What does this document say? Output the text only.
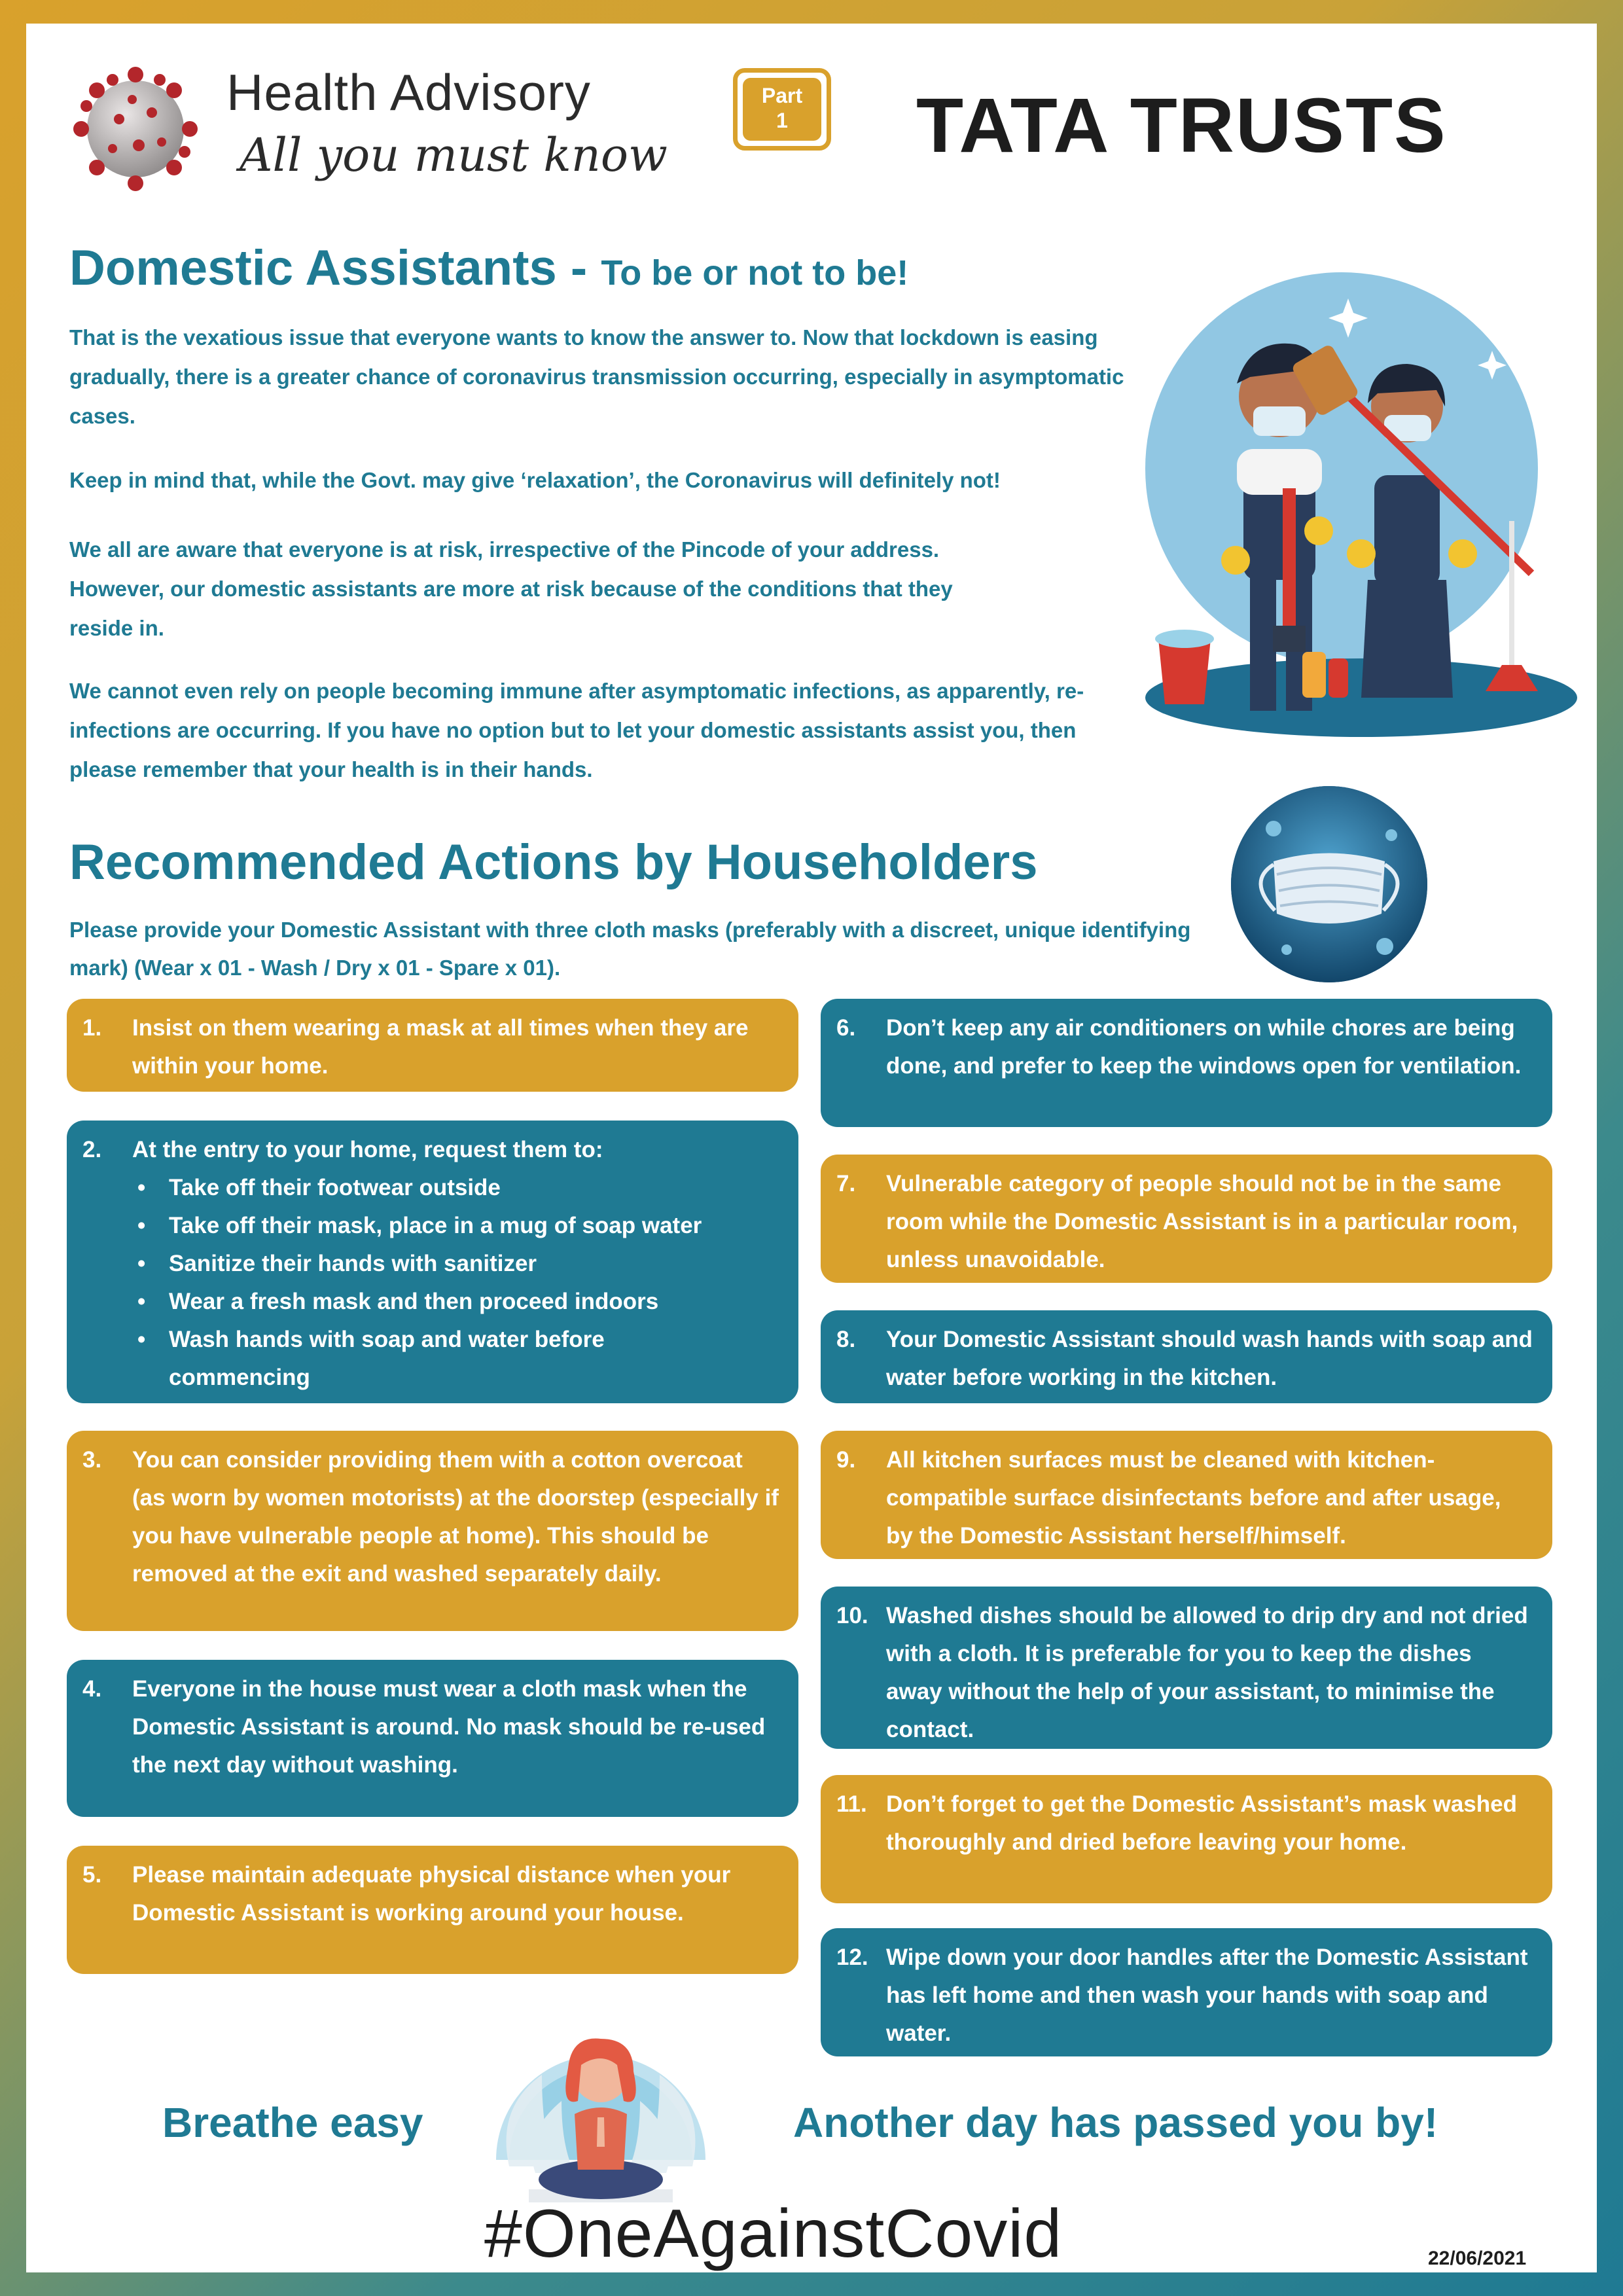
Health Advisory
All you must know
Part
1	TATA TRUSTS
Domestic Assistants - To be or not to be!

That is the vexatious issue that everyone wants to know the answer to. Now that lockdown is easing gradually, there is a greater chance of coronavirus transmission occurring, especially in asymptomatic cases.

Keep in mind that, while the Govt. may give ‘relaxation’, the Coronavirus will definitely not!

We all are aware that everyone is at risk, irrespective of the Pincode of your address. However, our domestic assistants are more at risk because of the conditions that they reside in.

We cannot even rely on people becoming immune after asymptomatic infections, as apparently, re-infections are occurring. If you have no option but to let your domestic assistants assist you, then please remember that your health is in their hands.

Recommended Actions by Householders

Please provide your Domestic Assistant with three cloth masks (preferably with a discreet, unique identifying mark) (Wear x 01 - Wash / Dry x 01 - Spare x 01).

1. Insist on them wearing a mask at all times when they are within your home.
2. At the entry to your home, request them to:
• Take off their footwear outside
• Take off their mask, place in a mug of soap water
• Sanitize their hands with sanitizer
• Wear a fresh mask and then proceed indoors
• Wash hands with soap and water before commencing
3. You can consider providing them with a cotton overcoat (as worn by women motorists) at the doorstep (especially if you have vulnerable people at home). This should be removed at the exit and washed separately daily.
4. Everyone in the house must wear a cloth mask when the Domestic Assistant is around. No mask should be re-used the next day without washing.
5. Please maintain adequate physical distance when your Domestic Assistant is working around your house.
6. Don’t keep any air conditioners on while chores are being done, and prefer to keep the windows open for ventilation.
7. Vulnerable category of people should not be in the same room while the Domestic Assistant is in a particular room, unless unavoidable.
8. Your Domestic Assistant should wash hands with soap and water before working in the kitchen.
9. All kitchen surfaces must be cleaned with kitchen-compatible surface disinfectants before and after usage, by the Domestic Assistant herself/himself.
10. Washed dishes should be allowed to drip dry and not dried with a cloth. It is preferable for you to keep the dishes away without the help of your assistant, to minimise the contact.
11. Don’t forget to get the Domestic Assistant’s mask washed thoroughly and dried before leaving your home.
12. Wipe down your door handles after the Domestic Assistant has left home and then wash your hands with soap and water.
Breathe easy	Another day has passed you by!
#OneAgainstCovid	22/06/2021
